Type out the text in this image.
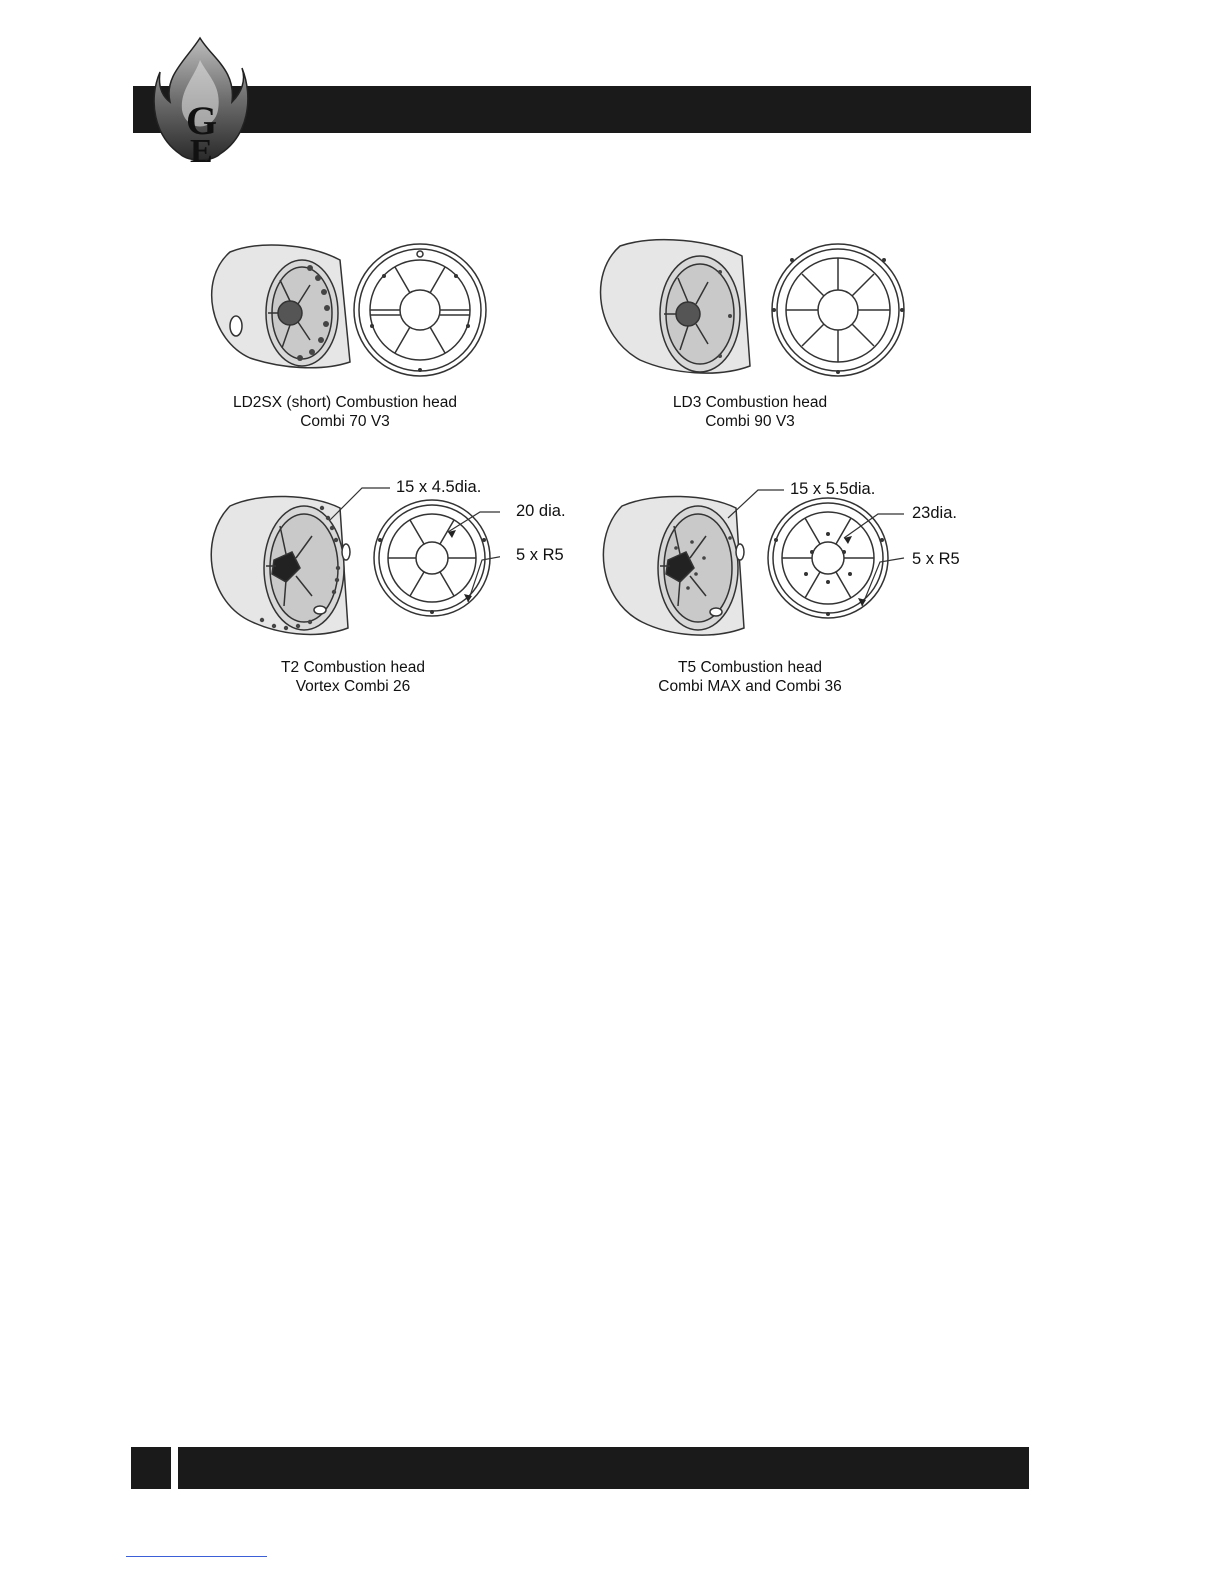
G
E
LD2SX (short) Combustion head
Combi 70 V3
LD3 Combustion head
Combi 90 V3
15 x 4.5dia.
20 dia.
5 x R5
T2 Combustion head
Vortex Combi 26
15 x 5.5dia.
23dia.
5 x R5
T5 Combustion head
Combi MAX and Combi 36
